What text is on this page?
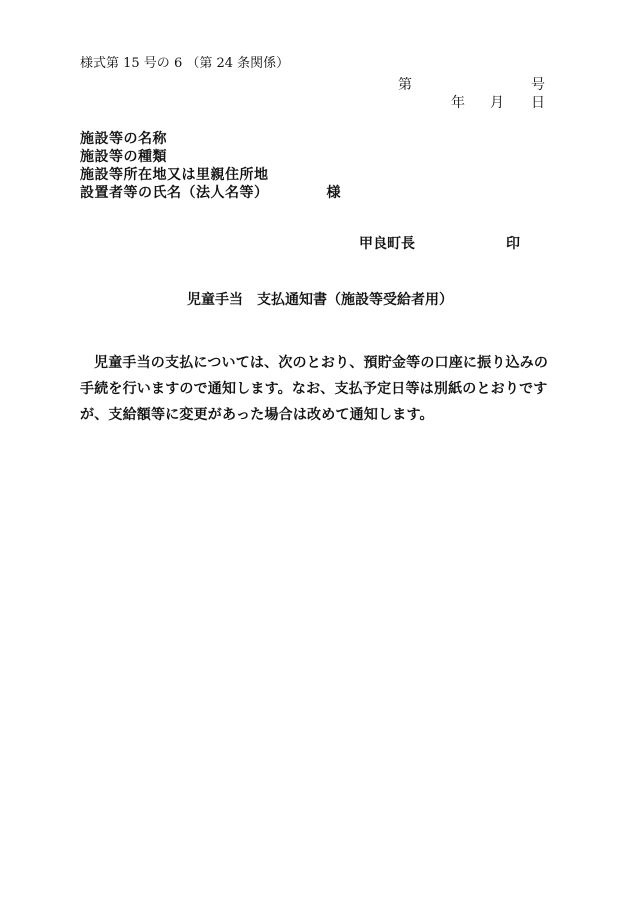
様式第 15 号の 6 （第 24 条関係）
第	号
年 月 日
施設等の名称
施設等の種類
施設等所在地又は里親住所地
設置者等の氏名（法人名等）	様
甲良町長	印
児童手当 支払通知書（施設等受給者用）
児童手当の支払については、次のとおり、預貯金等の口座に振り込みの手続を行いますので通知します。なお、支払予定日等は別紙のとおりですが、支給額等に変更があった場合は改めて通知します。
